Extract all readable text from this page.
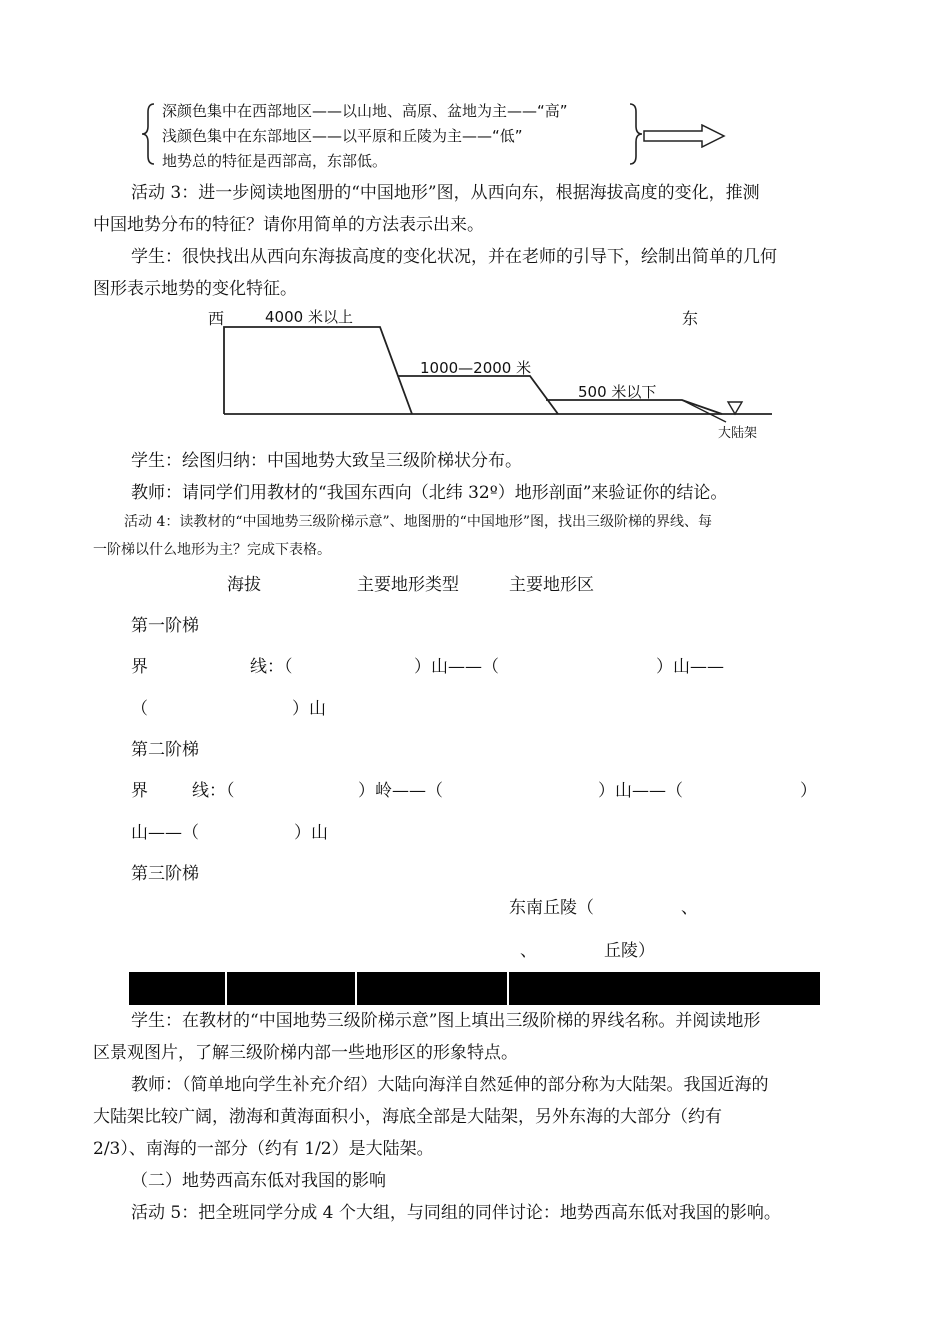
深颜色集中在西部地区——以山地、高原、盆地为主——“高”
浅颜色集中在东部地区——以平原和丘陵为主——“低”
地势总的特征是西部高，东部低。
活动 3：进一步阅读地图册的“中国地形”图，从西向东，根据海拔高度的变化，推测
中国地势分布的特征？请你用简单的方法表示出来。
学生：很快找出从西向东海拔高度的变化状况，并在老师的引导下，绘制出简单的几何
图形表示地势的变化特征。
西	东
4000 米以上
1000—2000 米
500 米以下
大陆架
学生：绘图归纳：中国地势大致呈三级阶梯状分布。
教师：请同学们用教材的“我国东西向（北纬 32º）地形剖面”来验证你的结论。
活动 4：读教材的“中国地势三级阶梯示意”、地图册的“中国地形”图，找出三级阶梯的界线、每
一阶梯以什么地形为主？完成下表格。
海拔	主要地形类型	主要地形区
第一阶梯
界	线：（	）山——（	）山——
（	）山
第二阶梯
界	线：（	）岭——（	）山——（	）
山——（	）山
第三阶梯
东南丘陵（	、
、	丘陵）
学生：在教材的“中国地势三级阶梯示意”图上填出三级阶梯的界线名称。并阅读地形
区景观图片，了解三级阶梯内部一些地形区的形象特点。
教师：（简单地向学生补充介绍）大陆向海洋自然延伸的部分称为大陆架。我国近海的
大陆架比较广阔，渤海和黄海面积小，海底全部是大陆架，另外东海的大部分（约有
2/3）、南海的一部分（约有 1/2）是大陆架。
（二）地势西高东低对我国的影响
活动 5：把全班同学分成 4 个大组，与同组的同伴讨论：地势西高东低对我国的影响。
